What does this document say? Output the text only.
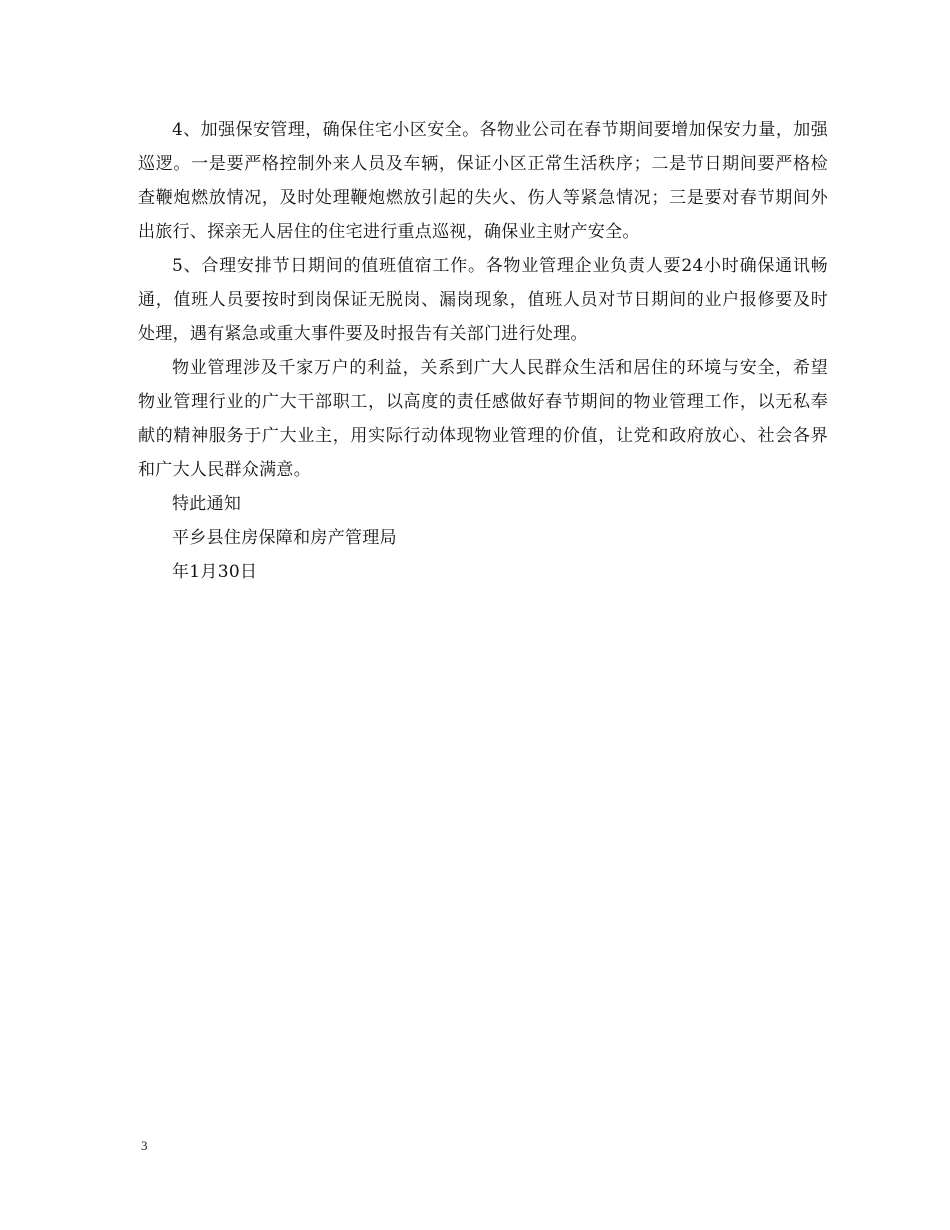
4、加强保安管理，确保住宅小区安全。各物业公司在春节期间要增加保安力量，加强巡逻。一是要严格控制外来人员及车辆，保证小区正常生活秩序；二是节日期间要严格检查鞭炮燃放情况，及时处理鞭炮燃放引起的失火、伤人等紧急情况；三是要对春节期间外出旅行、探亲无人居住的住宅进行重点巡视，确保业主财产安全。

5、合理安排节日期间的值班值宿工作。各物业管理企业负责人要24小时确保通讯畅通，值班人员要按时到岗保证无脱岗、漏岗现象，值班人员对节日期间的业户报修要及时处理，遇有紧急或重大事件要及时报告有关部门进行处理。

物业管理涉及千家万户的利益，关系到广大人民群众生活和居住的环境与安全，希望物业管理行业的广大干部职工，以高度的责任感做好春节期间的物业管理工作，以无私奉献的精神服务于广大业主，用实际行动体现物业管理的价值，让党和政府放心、社会各界和广大人民群众满意。

特此通知

平乡县住房保障和房产管理局

年1月30日

3
